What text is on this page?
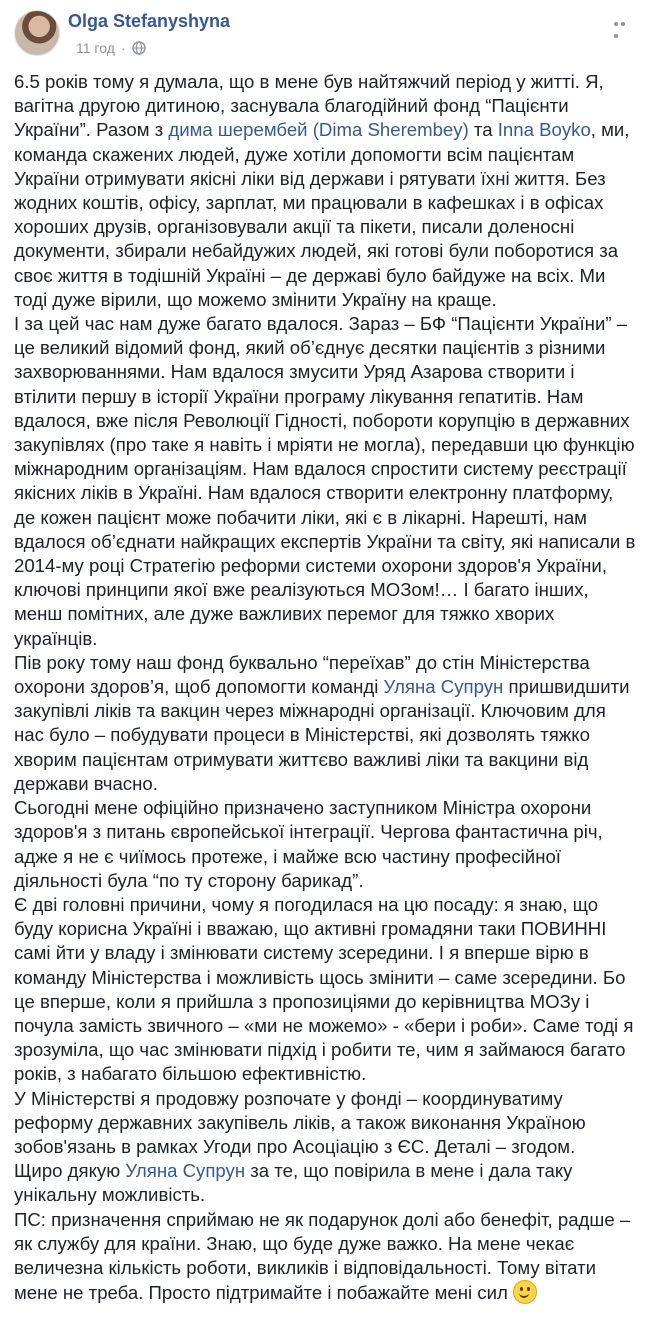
Olga Stefanyshyna
11 год ·

6.5 років тому я думала, що в мене був найтяжчий період у житті. Я, вагітна другою дитиною, заснувала благодійний фонд “Пацієнти України”. Разом з дима шерембей (Dima Sherembey) та Inna Boyko, ми, команда скажених людей, дуже хотіли допомогти всім пацієнтам України отримувати якісні ліки від держави і рятувати їхні життя. Без жодних коштів, офісу, зарплат, ми працювали в кафешках і в офісах хороших друзів, організовували акції та пікети, писали доленосні документи, збирали небайдужих людей, які готові були поборотися за своє життя в тодішній Україні – де державі було байдуже на всіх. Ми тоді дуже вірили, що можемо змінити Україну на краще.

І за цей час нам дуже багато вдалося. Зараз – БФ “Пацієнти України” – це великий відомий фонд, який об’єднує десятки пацієнтів з різними захворюваннями. Нам вдалося змусити Уряд Азарова створити і втілити першу в історії України програму лікування гепатитів. Нам вдалося, вже після Революції Гідності, побороти корупцію в державних закупівлях (про таке я навіть і мріяти не могла), передавши цю функцію міжнародним організаціям. Нам вдалося спростити систему реєстрації якісних ліків в Україні. Нам вдалося створити електронну платформу, де кожен пацієнт може побачити ліки, які є в лікарні. Нарешті, нам вдалося об’єднати найкращих експертів України та світу, які написали в 2014-му році Стратегію реформи системи охорони здоров'я України, ключові принципи якої вже реалізуються МОЗом!… І багато інших, менш помітних, але дуже важливих перемог для тяжко хворих українців.

Пів року тому наш фонд буквально “переїхав” до стін Міністерства охорони здоров’я, щоб допомогти команді Уляна Супрун пришвидшити закупівлі ліків та вакцин через міжнародні організації. Ключовим для нас було – побудувати процеси в Міністерстві, які дозволять тяжко хворим пацієнтам отримувати життєво важливі ліки та вакцини від держави вчасно.

Сьогодні мене офіційно призначено заступником Міністра охорони здоров'я з питань європейської інтеграції. Чергова фантастична річ, адже я не є чиїмось протеже, і майже всю частину професійної діяльності була “по ту сторону барикад”.

Є дві головні причини, чому я погодилася на цю посаду: я знаю, що буду корисна Україні і вважаю, що активні громадяни таки ПОВИННІ самі йти у владу і змінювати систему зсередини. І я вперше вірю в команду Міністерства і можливість щось змінити – саме зсередини. Бо це вперше, коли я прийшла з пропозиціями до керівництва МОЗу і почула замість звичного – «ми не можемо» - «бери і роби». Саме тоді я зрозуміла, що час змінювати підхід і робити те, чим я займаюся багато років, з набагато більшою ефективністю.

У Міністерстві я продовжу розпочате у фонді – координуватиму реформу державних закупівель ліків, а також виконання Україною зобов'язань в рамках Угоди про Асоціацію з ЄС. Деталі – згодом.

Щиро дякую Уляна Супрун за те, що повірила в мене і дала таку унікальну можливість.

ПС: призначення сприймаю не як подарунок долі або бенефіт, радше – як службу для країни. Знаю, що буде дуже важко. На мене чекає величезна кількість роботи, викликів і відповідальності. Тому вітати мене не треба. Просто підтримайте і побажайте мені сил
